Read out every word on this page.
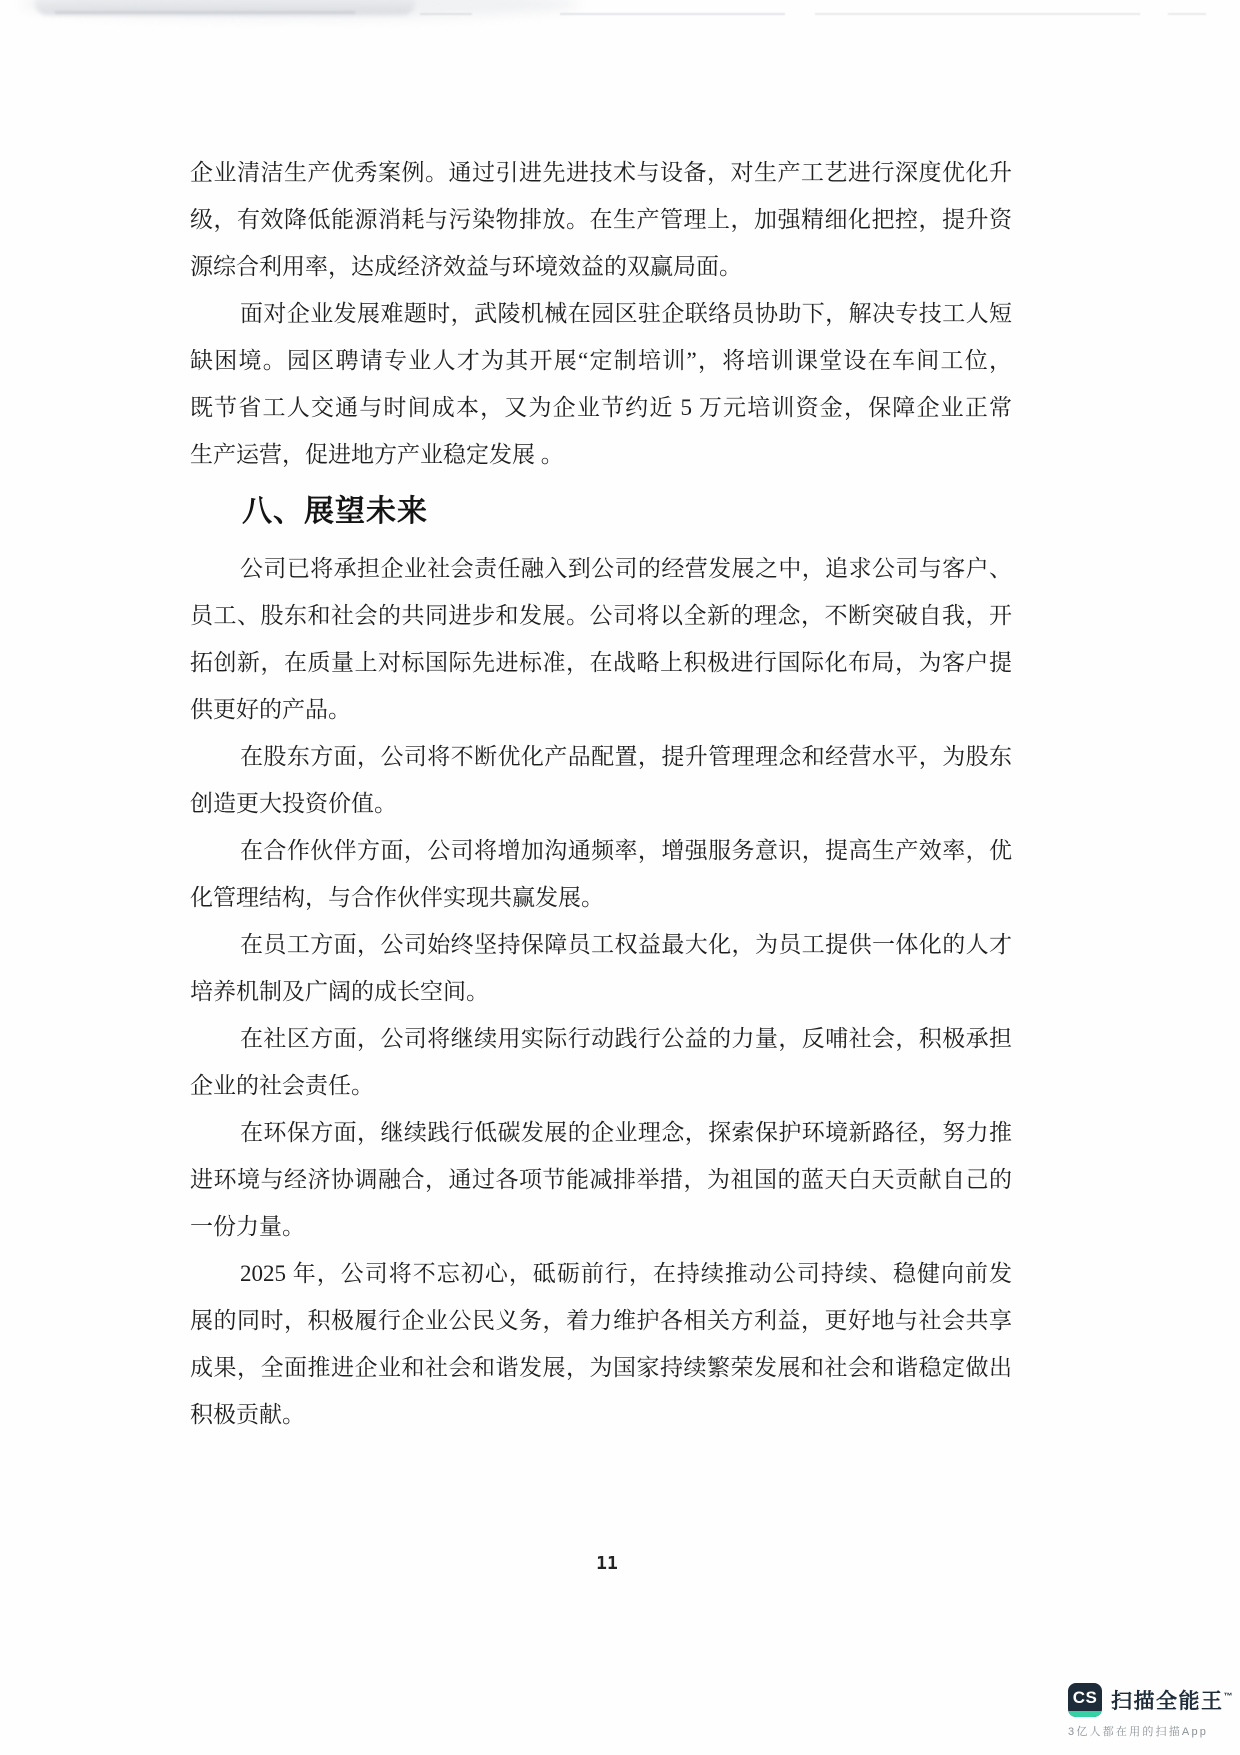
企业清洁生产优秀案例。通过引进先进技术与设备，对生产工艺进行深度优化升
级，有效降低能源消耗与污染物排放。在生产管理上，加强精细化把控，提升资
源综合利用率，达成经济效益与环境效益的双赢局面。
面对企业发展难题时，武陵机械在园区驻企联络员协助下，解决专技工人短
缺困境。园区聘请专业人才为其开展“定制培训”，将培训课堂设在车间工位，
既节省工人交通与时间成本，又为企业节约近 5 万元培训资金，保障企业正常
生产运营，促进地方产业稳定发展 。
八、展望未来
公司已将承担企业社会责任融入到公司的经营发展之中，追求公司与客户、
员工、股东和社会的共同进步和发展。公司将以全新的理念，不断突破自我，开
拓创新，在质量上对标国际先进标准，在战略上积极进行国际化布局，为客户提
供更好的产品。
在股东方面，公司将不断优化产品配置，提升管理理念和经营水平，为股东
创造更大投资价值。
在合作伙伴方面，公司将增加沟通频率，增强服务意识，提高生产效率，优
化管理结构，与合作伙伴实现共赢发展。
在员工方面，公司始终坚持保障员工权益最大化，为员工提供一体化的人才
培养机制及广阔的成长空间。
在社区方面，公司将继续用实际行动践行公益的力量，反哺社会，积极承担
企业的社会责任。
在环保方面，继续践行低碳发展的企业理念，探索保护环境新路径，努力推
进环境与经济协调融合，通过各项节能减排举措，为祖国的蓝天白天贡献自己的
一份力量。
2025 年，公司将不忘初心，砥砺前行，在持续推动公司持续、稳健向前发
展的同时，积极履行企业公民义务，着力维护各相关方利益，更好地与社会共享
成果，全面推进企业和社会和谐发展，为国家持续繁荣发展和社会和谐稳定做出
积极贡献。
11
CS 扫描全能王™
3亿人都在用的扫描App
